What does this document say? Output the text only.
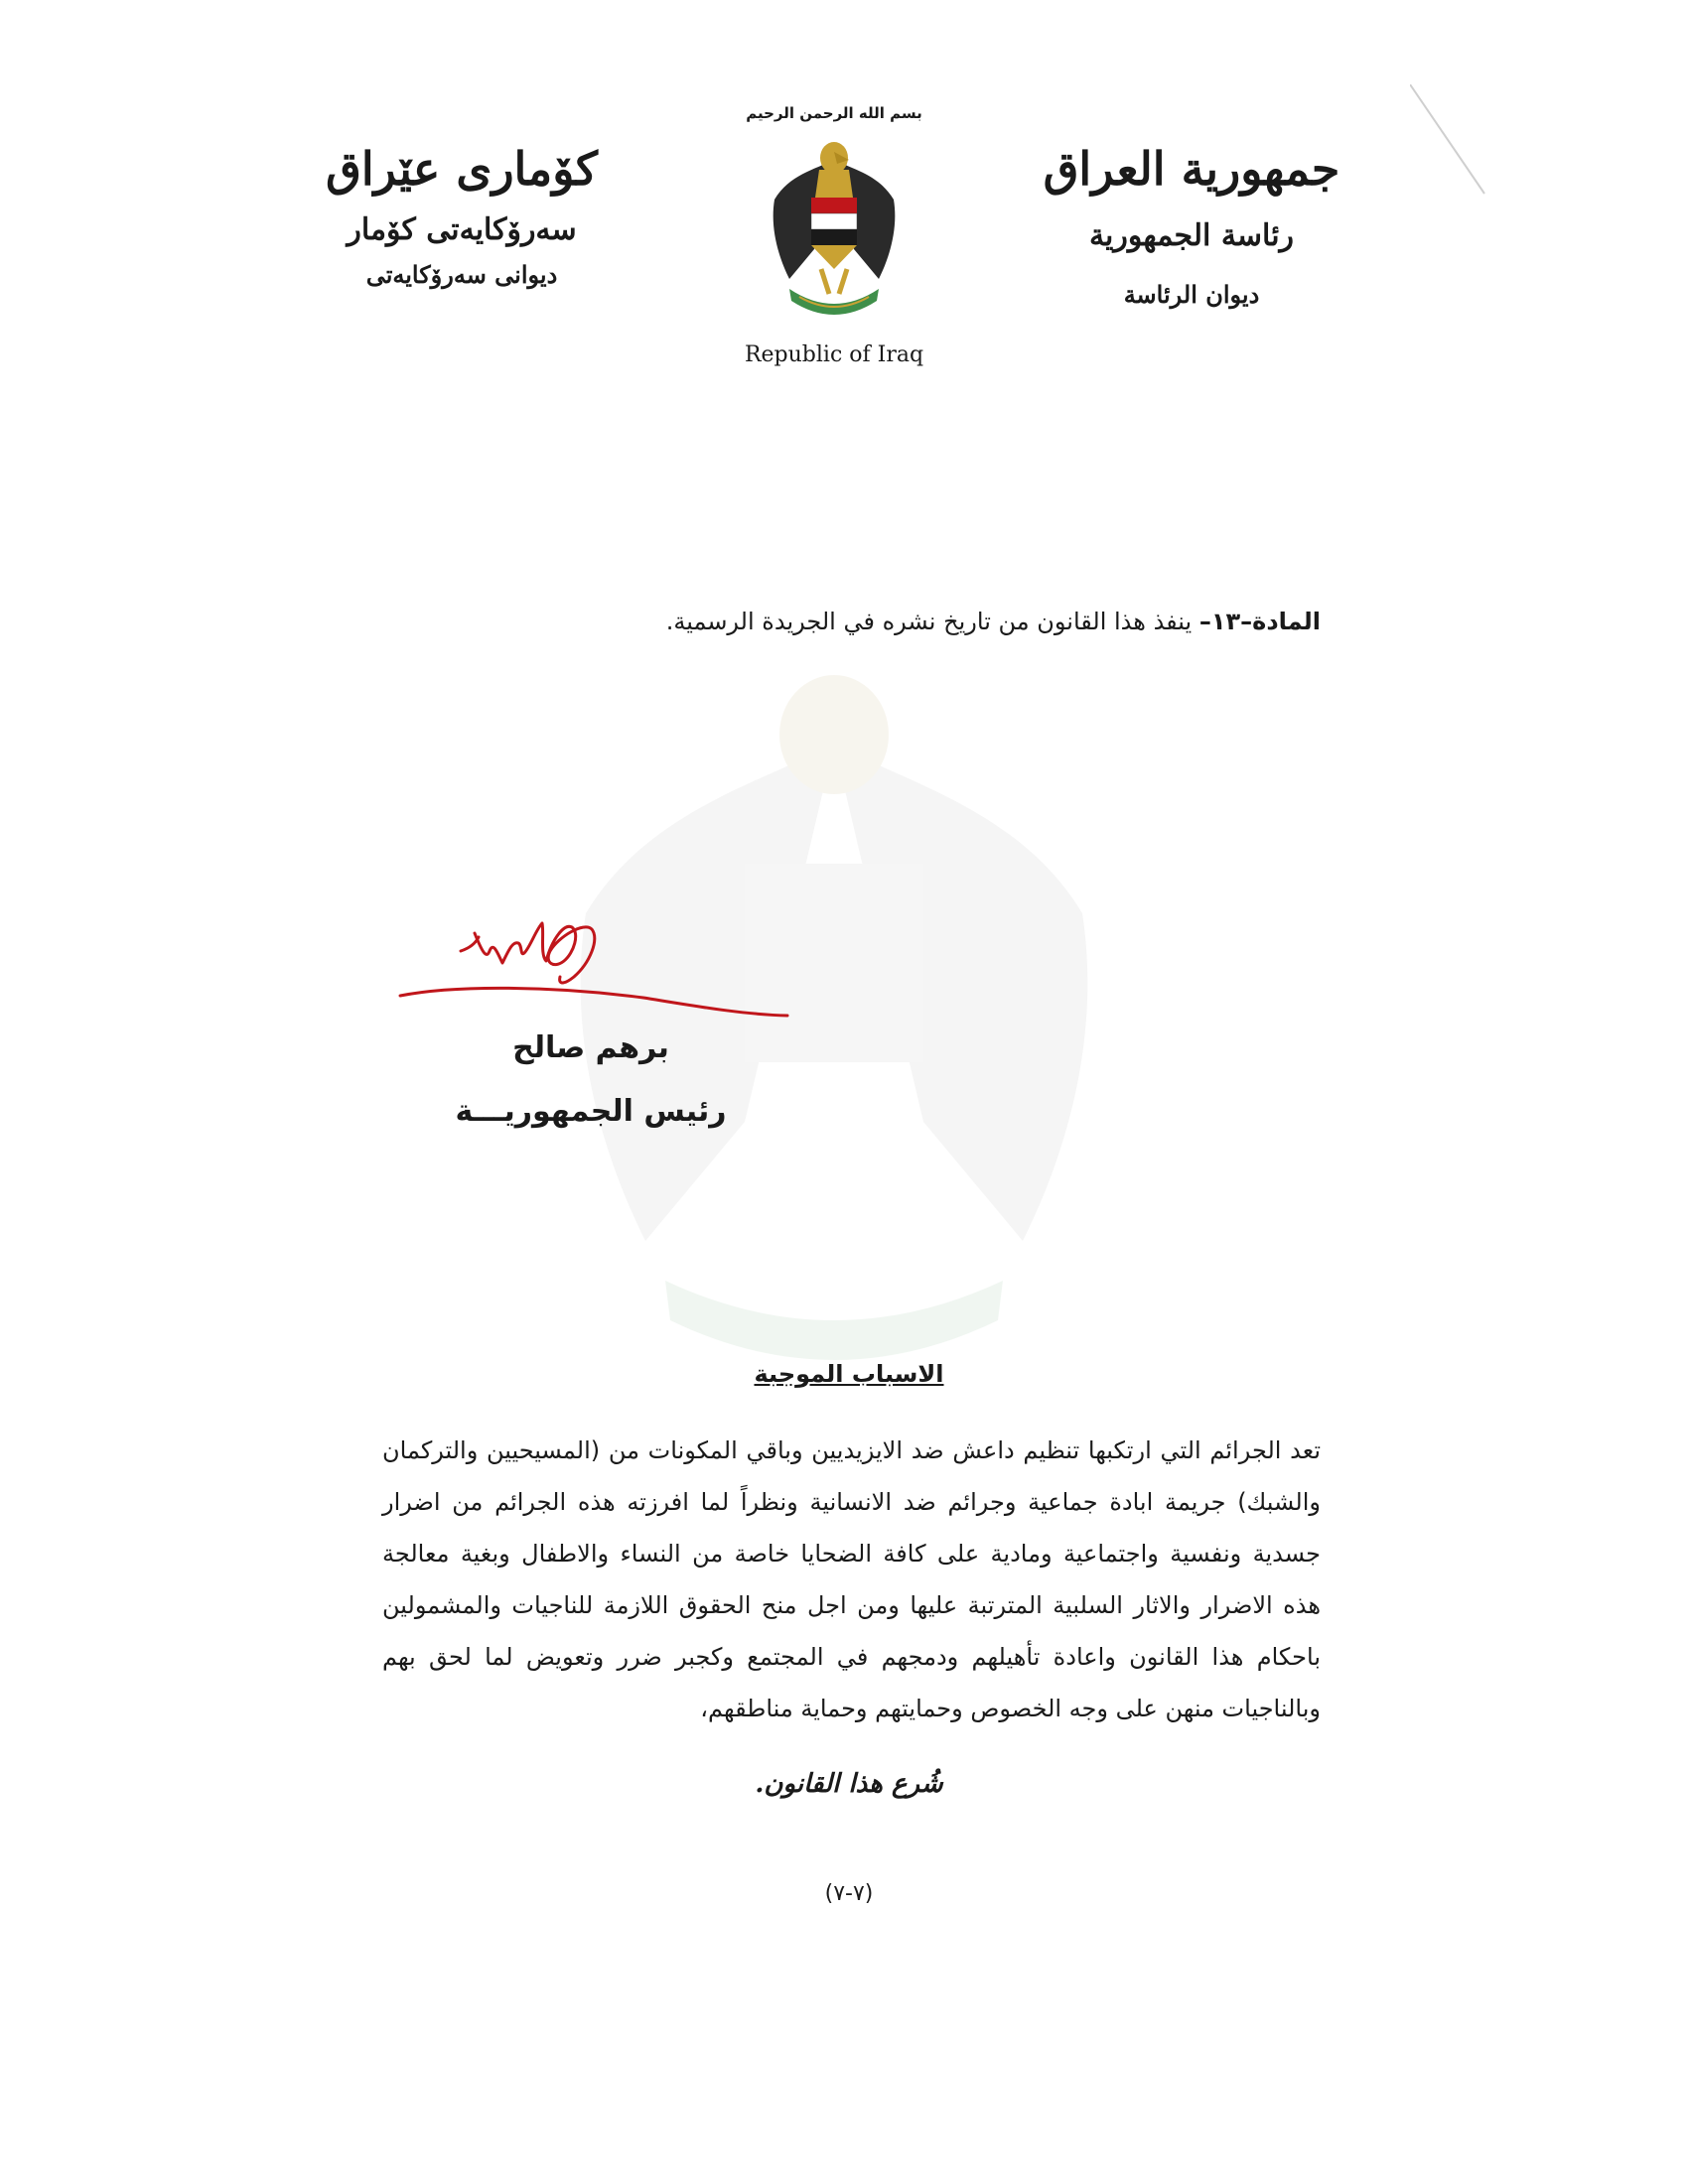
جمهورية العراق
رئاسة الجمهورية
ديوان الرئاسة
بسم الله الرحمن الرحيم
Republic of Iraq
کۆماری عێراق
سەرۆکایەتی کۆمار
دیوانی سەرۆکایەتی
المادة–١٣– ينفذ هذا القانون من تاريخ نشره في الجريدة الرسمية.
برهم صالح
رئيس الجمهوريـــة
الاسباب الموجبة
تعد الجرائم التي ارتكبها تنظيم داعش ضد الايزيديين وباقي المكونات من (المسيحيين والتركمان والشبك) جريمة ابادة جماعية وجرائم ضد الانسانية ونظراً لما افرزته هذه الجرائم من اضرار جسدية ونفسية واجتماعية ومادية على كافة الضحايا خاصة من النساء والاطفال وبغية معالجة هذه الاضرار والاثار السلبية المترتبة عليها ومن اجل منح الحقوق اللازمة للناجيات والمشمولين باحكام هذا القانون واعادة تأهيلهم ودمجهم في المجتمع وكجبر ضرر وتعويض لما لحق بهم وبالناجيات منهن على وجه الخصوص وحمايتهم وحماية مناطقهم،
شُرع هذا القانون.
(٧-٧)
